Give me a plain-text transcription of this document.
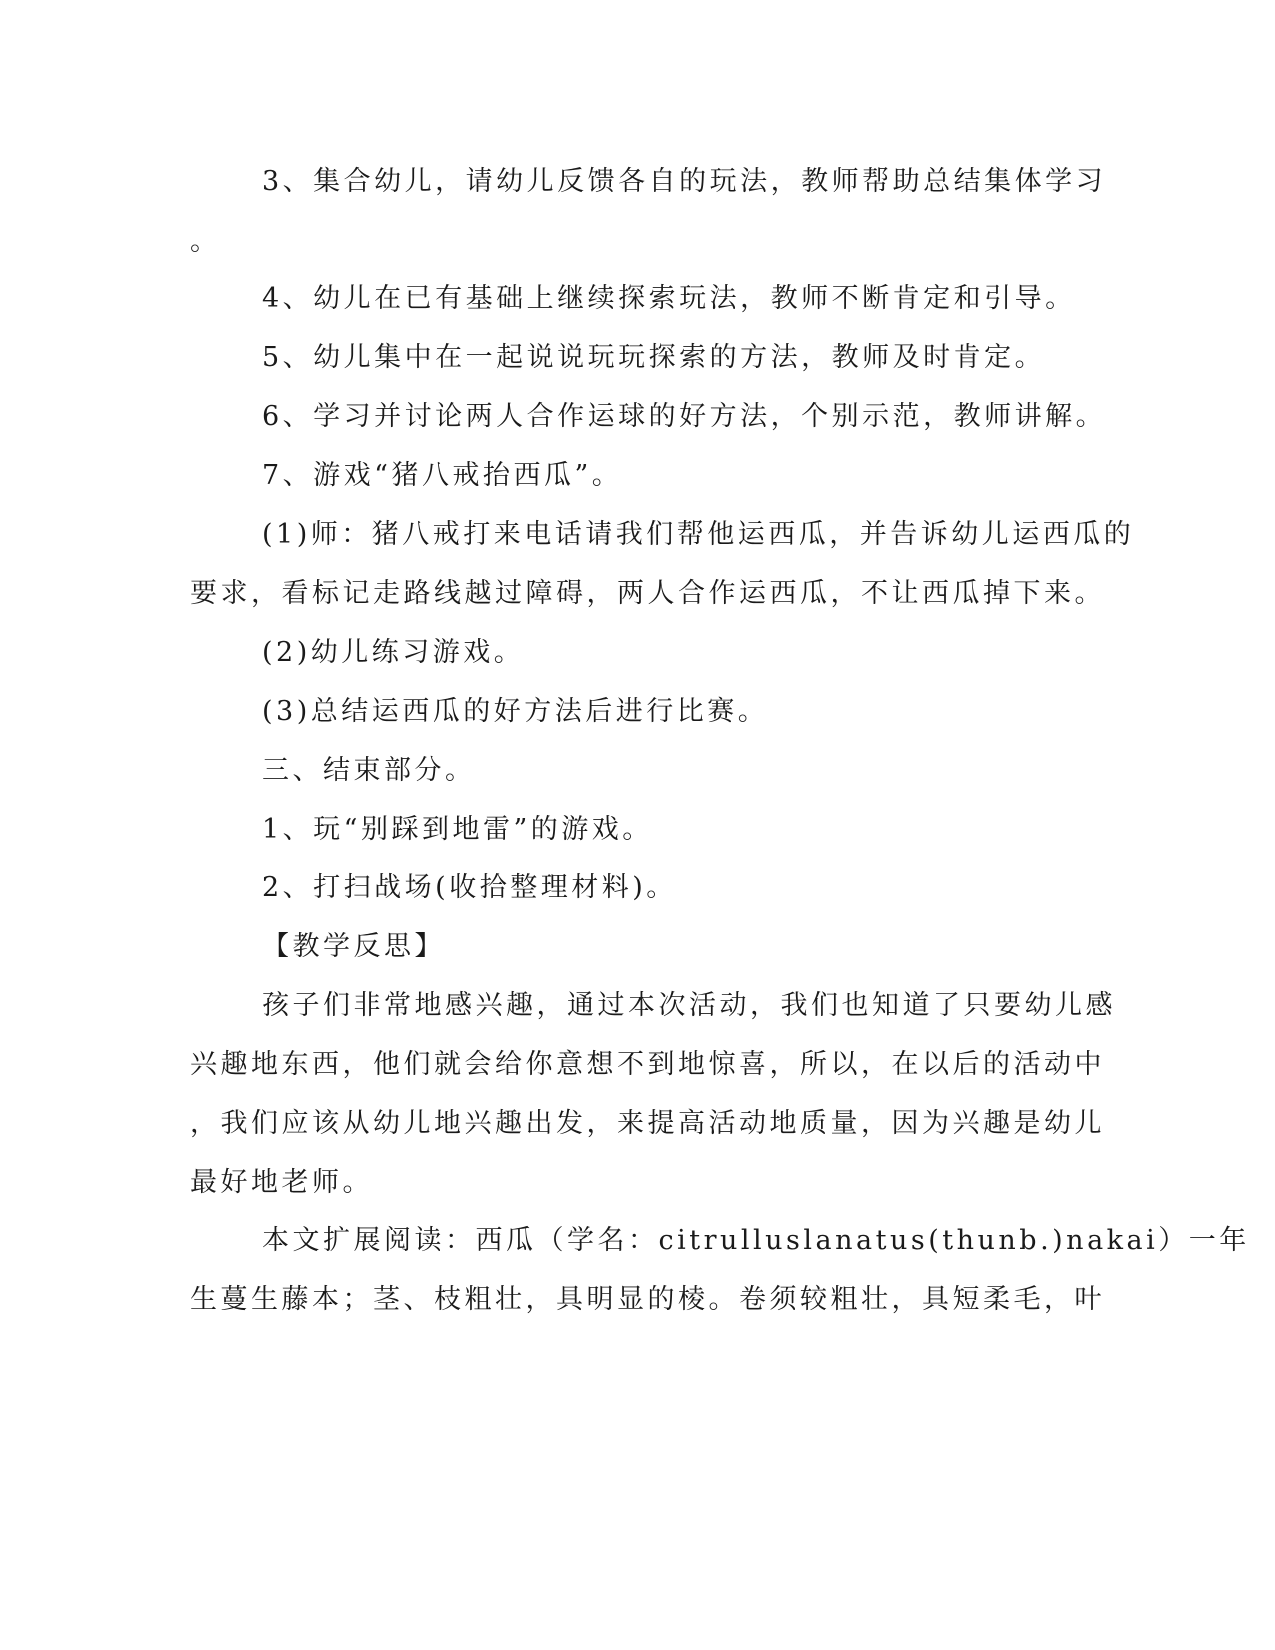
3、集合幼儿，请幼儿反馈各自的玩法，教师帮助总结集体学习
。
4、幼儿在已有基础上继续探索玩法，教师不断肯定和引导。
5、幼儿集中在一起说说玩玩探索的方法，教师及时肯定。
6、学习并讨论两人合作运球的好方法，个别示范，教师讲解。
7、游戏“猪八戒抬西瓜”。
(1)师：猪八戒打来电话请我们帮他运西瓜，并告诉幼儿运西瓜的
要求，看标记走路线越过障碍，两人合作运西瓜，不让西瓜掉下来。
(2)幼儿练习游戏。
(3)总结运西瓜的好方法后进行比赛。
三、结束部分。
1、玩“别踩到地雷”的游戏。
2、打扫战场(收拾整理材料)。
【教学反思】
孩子们非常地感兴趣，通过本次活动，我们也知道了只要幼儿感
兴趣地东西，他们就会给你意想不到地惊喜，所以，在以后的活动中
，我们应该从幼儿地兴趣出发，来提高活动地质量，因为兴趣是幼儿
最好地老师。
本文扩展阅读：西瓜（学名：citrulluslanatus(thunb.)nakai）一年
生蔓生藤本；茎、枝粗壮，具明显的棱。卷须较粗壮，具短柔毛，叶
